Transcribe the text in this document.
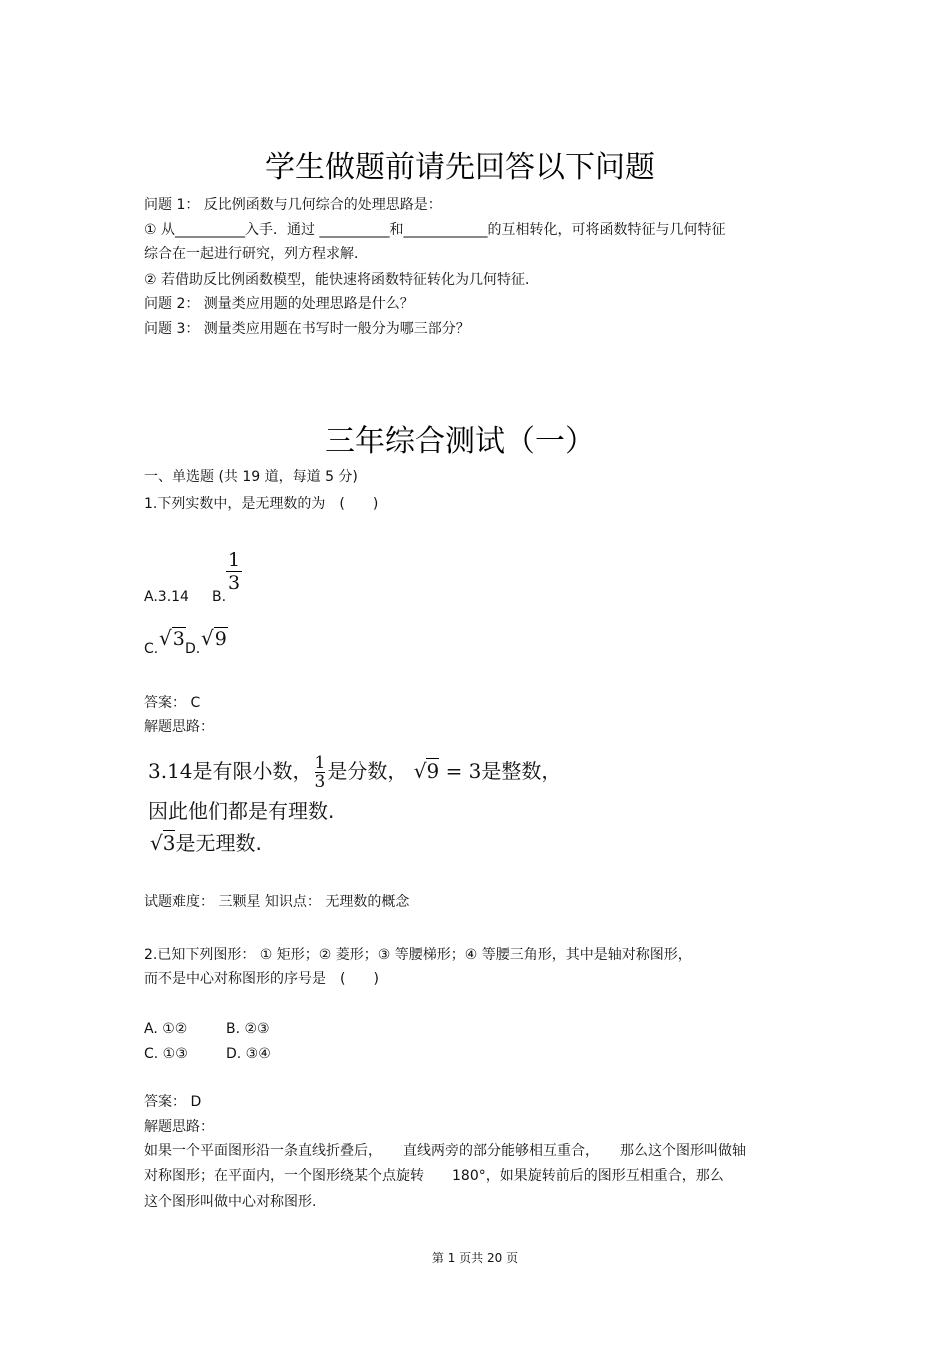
学生做题前请先回答以下问题
问题 1： 反比例函数与几何综合的处理思路是：
① 从__________入手．通过 __________和____________的互相转化，可将函数特征与几何特征
综合在一起进行研究，列方程求解．
② 若借助反比例函数模型，能快速将函数特征转化为几何特征．
问题 2： 测量类应用题的处理思路是什么？
问题 3： 测量类应用题在书写时一般分为哪三部分？
三年综合测试（一）
一、单选题 (共 19 道，每道 5 分)
1.下列实数中，是无理数的为　(　　)
A.3.14 B.
1
3
C. √3 D. √9
答案： C
解题思路：
3.14是有限小数， $\frac{1}{3}$ 是分数， √9 = 3是整数，
因此他们都是有理数.
√3是无理数.
试题难度： 三颗星 知识点： 无理数的概念
2.已知下列图形： ① 矩形；② 菱形；③ 等腰梯形；④ 等腰三角形，其中是轴对称图形，
而不是中心对称图形的序号是　(　　)
A. ①②	B. ②③
C. ①③	D. ③④
答案： D
解题思路：
如果一个平面图形沿一条直线折叠后，　　直线两旁的部分能够相互重合，　　那么这个图形叫做轴
对称图形；在平面内，一个图形绕某个点旋转　　180°，如果旋转前后的图形互相重合，那么
这个图形叫做中心对称图形.
第 1 页共 20 页
